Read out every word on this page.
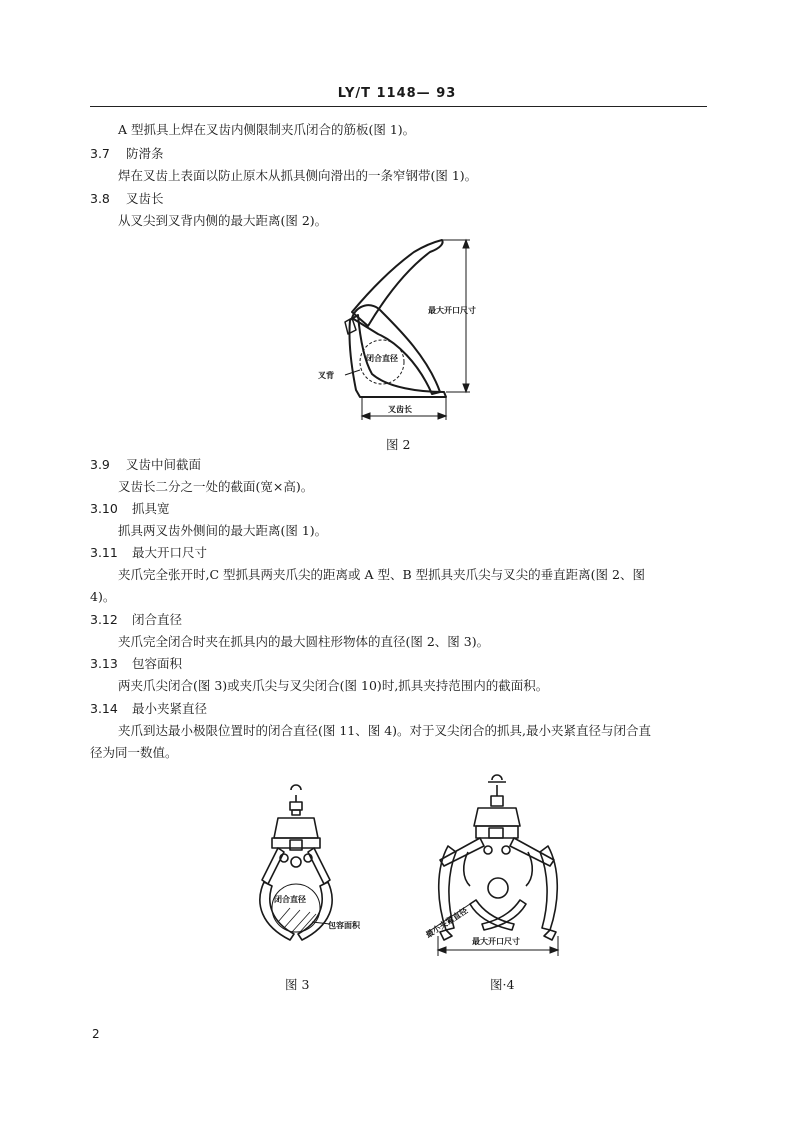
LY/T 1148— 93
A 型抓具上焊在叉齿内侧限制夹爪闭合的筋板(图 1)。
3.7 防滑条
焊在叉齿上表面以防止原木从抓具侧向滑出的一条窄钢带(图 1)。
3.8 叉齿长
从叉尖到叉背内侧的最大距离(图 2)。
最大开口尺寸
闭合直径
叉背
叉齿长
图 2
3.9 叉齿中间截面
叉齿长二分之一处的截面(宽×高)。
3.10 抓具宽
抓具两叉齿外侧间的最大距离(图 1)。
3.11 最大开口尺寸
夹爪完全张开时,C 型抓具两夹爪尖的距离或 A 型、B 型抓具夹爪尖与叉尖的垂直距离(图 2、图
4)。
3.12 闭合直径
夹爪完全闭合时夹在抓具内的最大圆柱形物体的直径(图 2、图 3)。
3.13 包容面积
两夹爪尖闭合(图 3)或夹爪尖与叉尖闭合(图 10)时,抓具夹持范围内的截面积。
3.14 最小夹紧直径
夹爪到达最小极限位置时的闭合直径(图 11、图 4)。对于叉尖闭合的抓具,最小夹紧直径与闭合直
径为同一数值。
闭合直径
包容面积
图 3
最小夹紧直径
最大开口尺寸
图·4
2
